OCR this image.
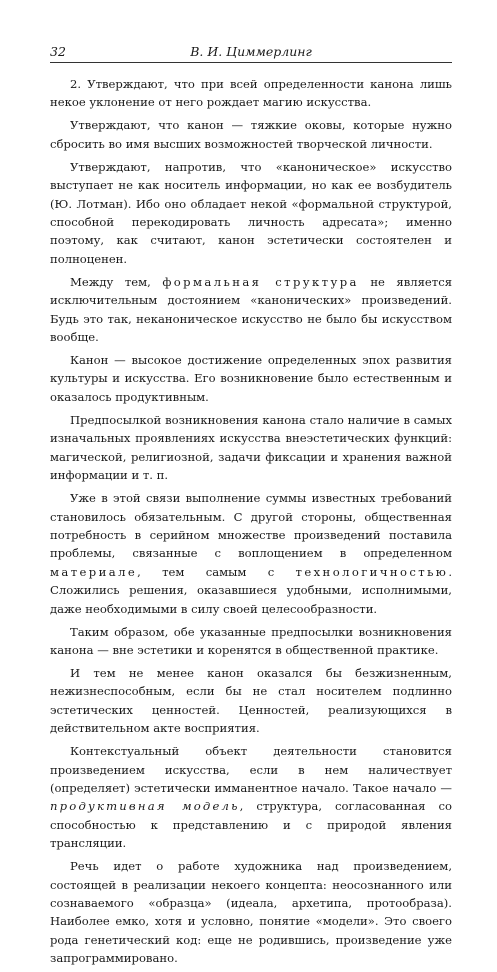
32	В. И. Циммерлинг

2. Утверждают, что при всей определенности канона лишь некое уклонение от него рождает магию искусства.

Утверждают, что канон — тяжкие оковы, которые нужно сбросить во имя высших возможностей творческой личности.

Утверждают, напротив, что «каноническое» искусство выступает не как носитель информации, но как ее возбудитель (Ю. Лотман). Ибо оно обладает некой «формальной структурой, способной перекодировать личность адресата»; именно поэтому, как считают, канон эстетически состоятелен и полноценен.

Между тем, формальная структура не является исключительным достоянием «канонических» произведений. Будь это так, неканоническое искусство не было бы искусством вообще.

Канон — высокое достижение определенных эпох развития культуры и искусства. Его возникновение было естественным и оказалось продуктивным.

Предпосылкой возникновения канона стало наличие в самых изначальных проявлениях искусства внеэстетических функций: магической, религиозной, задачи фиксации и хранения важной информации и т. п.

Уже в этой связи выполнение суммы известных требований становилось обязательным. С другой стороны, общественная потребность в серийном множестве произведений поставила проблемы, связанные с воплощением в определенном материале, тем самым с технологичностью. Сложились решения, оказавшиеся удобными, исполнимыми, даже необходимыми в силу своей целесообразности.

Таким образом, обе указанные предпосылки возникновения канона — вне эстетики и коренятся в общественной практике.

И тем не менее канон оказался бы безжизненным, нежизнеспособным, если бы не стал носителем подлинно эстетических ценностей. Ценностей, реализующихся в действительном акте восприятия.

Контекстуальный объект деятельности становится произведением искусства, если в нем наличествует (определяет) эстетически имманентное начало. Такое начало — продуктивная модель, структура, согласованная со способностью к представлению и с природой явления трансляции.

Речь идет о работе художника над произведением, состоящей в реализации некоего концепта: неосознанного или сознаваемого «образца» (идеала, архетипа, протообраза). Наиболее емко, хотя и условно, понятие «модели». Это своего рода генетический код: еще не родившись, произведение уже запрограммировано.
